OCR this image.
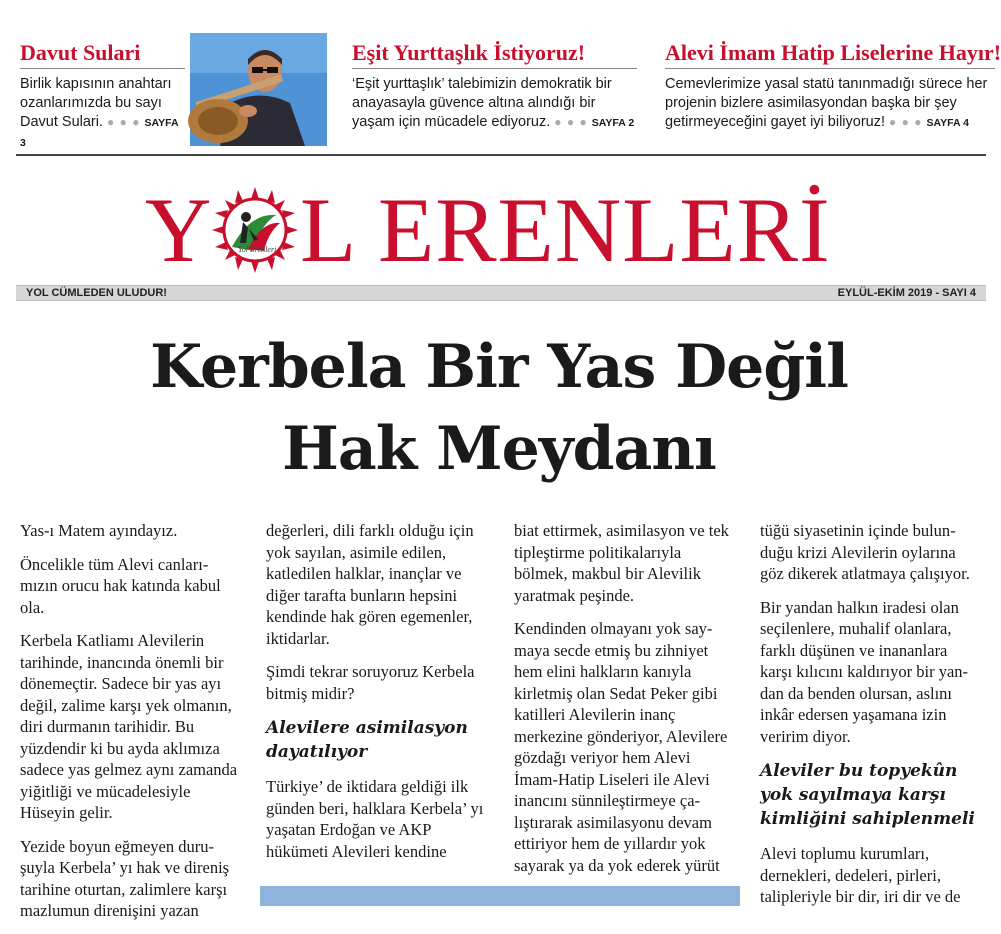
Davut Sulari

Birlik kapısının anahtarı ozanlarımızda bu sayı Davut Sulari. ● ● ● SAYFA 3

Eşit Yurttaşlık İstiyoruz!

‘Eşit yurttaşlık’ talebimizin demokratik bir anayasayla güvence altına alındığı bir yaşam için mücadele ediyoruz. ● ● ● SAYFA 2

Alevi İmam Hatip Liselerine Hayır!

Cemevlerimize yasal statü tanınmadığı sürece her projenin bizlere asimilasyondan başka bir şey getirmeyeceğini gayet iyi biliyoruz! ● ● ● SAYFA 4

Y	Yol Erenleri L ERENLERİ
YOL CÜMLEDEN ULUDUR!	EYLÜL-EKİM 2019 - SAYI 4
Kerbela Bir Yas Değil
Hak Meydanı

Yas-ı Matem ayındayız.

Öncelikle tüm Alevi canlarımızın orucu hak katında kabul ola.

Kerbela Katliamı Alevilerin tarihinde, inancında önemli bir dönemeçtir. Sadece bir yas ayı değil, zalime karşı yek olmanın, diri durmanın tarihidir. Bu yüzdendir ki bu ayda aklımıza sadece yas gelmez aynı zamanda yiğitliği ve mücadelesiyle Hüseyin gelir.

Yezide boyun eğmeyen duruşuyla Kerbela’ yı hak ve direniş tarihine oturtan, zalimlere karşı mazlumun direnişini yazan

değerleri, dili farklı olduğu için yok sayılan, asimile edilen, katledilen halklar, inançlar ve diğer tarafta bunların hepsini kendinde hak gören egemenler, iktidarlar.

Şimdi tekrar soruyoruz Kerbela bitmiş midir?

Alevilere asimilasyon dayatılıyor

Türkiye’ de iktidara geldiği ilk günden beri, halklara Kerbela’ yı yaşatan Erdoğan ve AKP hükümeti Alevileri kendine

biat ettirmek, asimilasyon ve tek tipleştirme politikalarıyla bölmek, makbul bir Alevilik yaratmak peşinde.

Kendinden olmayanı yok saymaya secde etmiş bu zihniyet hem elini halkların kanıyla kirletmiş olan Sedat Peker gibi katilleri Alevilerin inanç merkezine gönderiyor, Alevilere gözdağı veriyor hem Alevi İmam-Hatip Liseleri ile Alevi inancını sünnileştirmeye çalıştırarak asimilasyonu devam ettiriyor hem de yıllardır yok sayarak ya da yok ederek yürüt

tüğü siyasetinin içinde bulunduğu krizi Alevilerin oylarına göz dikerek atlatmaya çalışıyor.

Bir yandan halkın iradesi olan seçilenlere, muhalif olanlara, farklı düşünen ve inananlara karşı kılıcını kaldırıyor bir yandan da benden olursan, aslını inkâr edersen yaşamana izin veririm diyor.

Aleviler bu topyekûn yok sayılmaya karşı kimliğini sahiplenmeli

Alevi toplumu kurumları, dernekleri, dedeleri, pirleri, talipleriyle bir dir, iri dir ve de
